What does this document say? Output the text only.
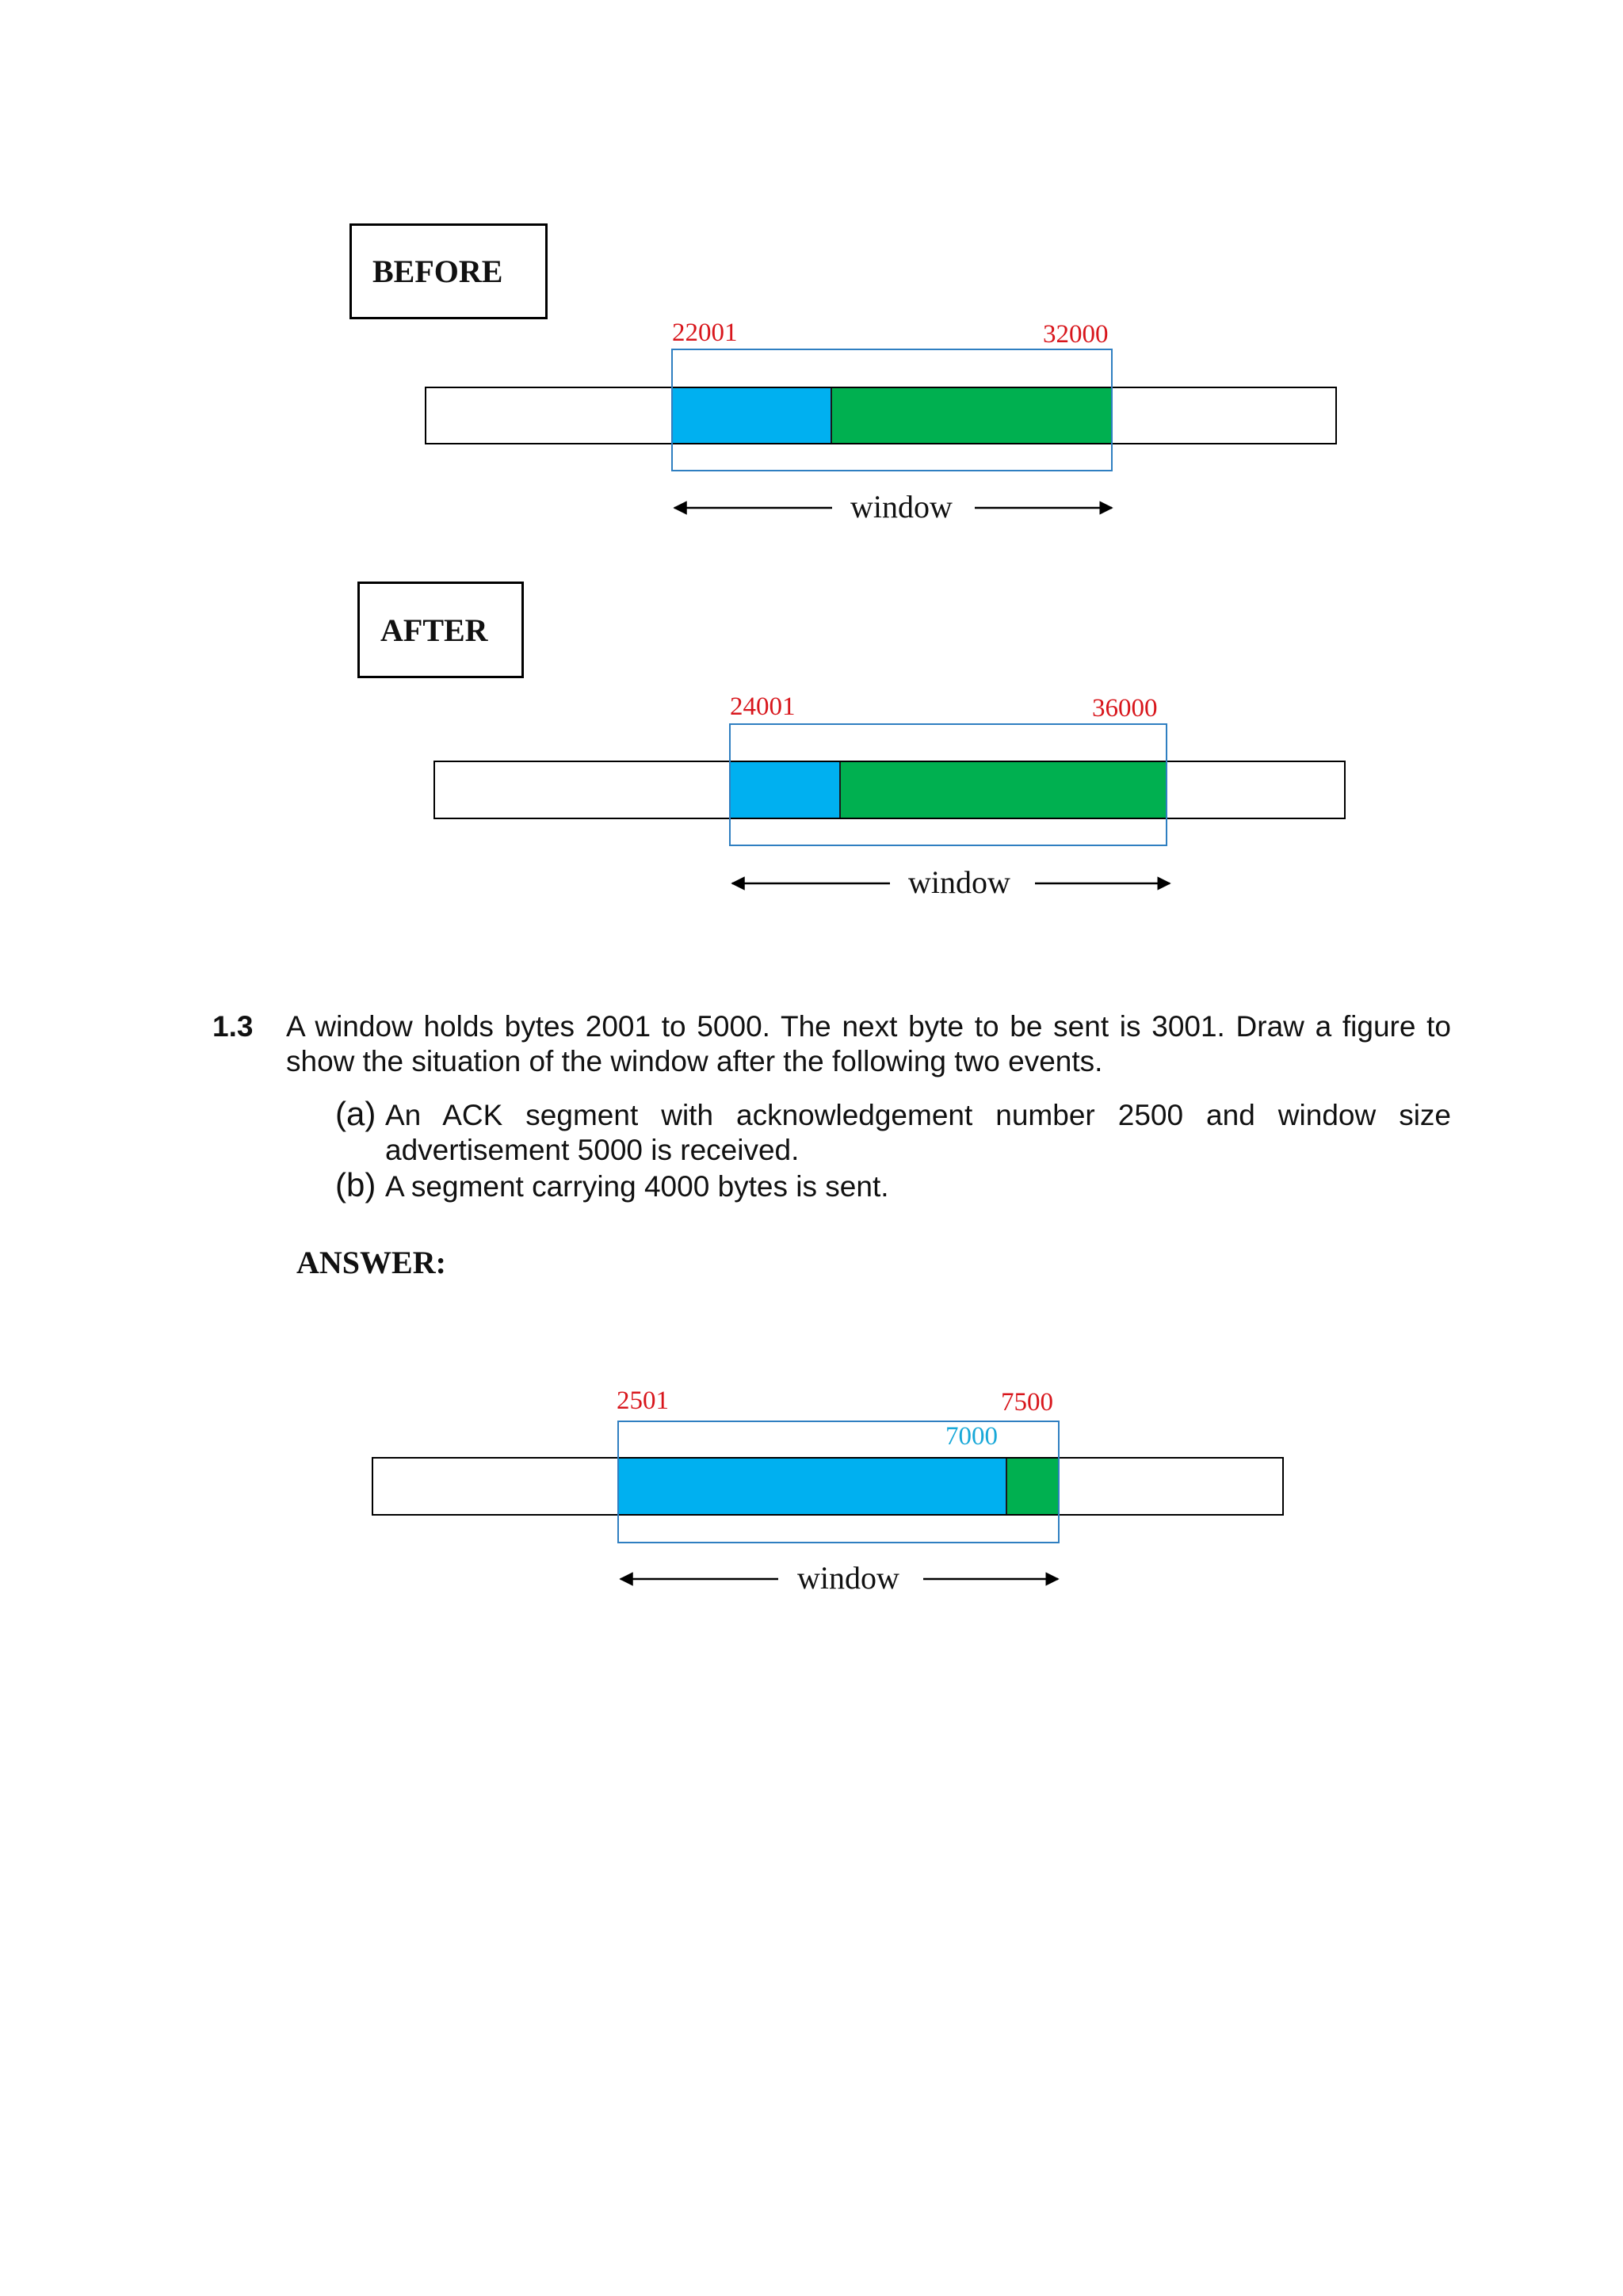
BEFORE
22001	32000
window
AFTER
24001	36000
window
1.3 A window holds bytes 2001 to 5000. The next byte to be sent is 3001. Draw a figure to show the situation of the window after the following two events.
(a) An ACK segment with acknowledgement number 2500 and window size advertisement 5000 is received.
(b) A segment carrying 4000 bytes is sent.
ANSWER:
2501	7500
7000
window
